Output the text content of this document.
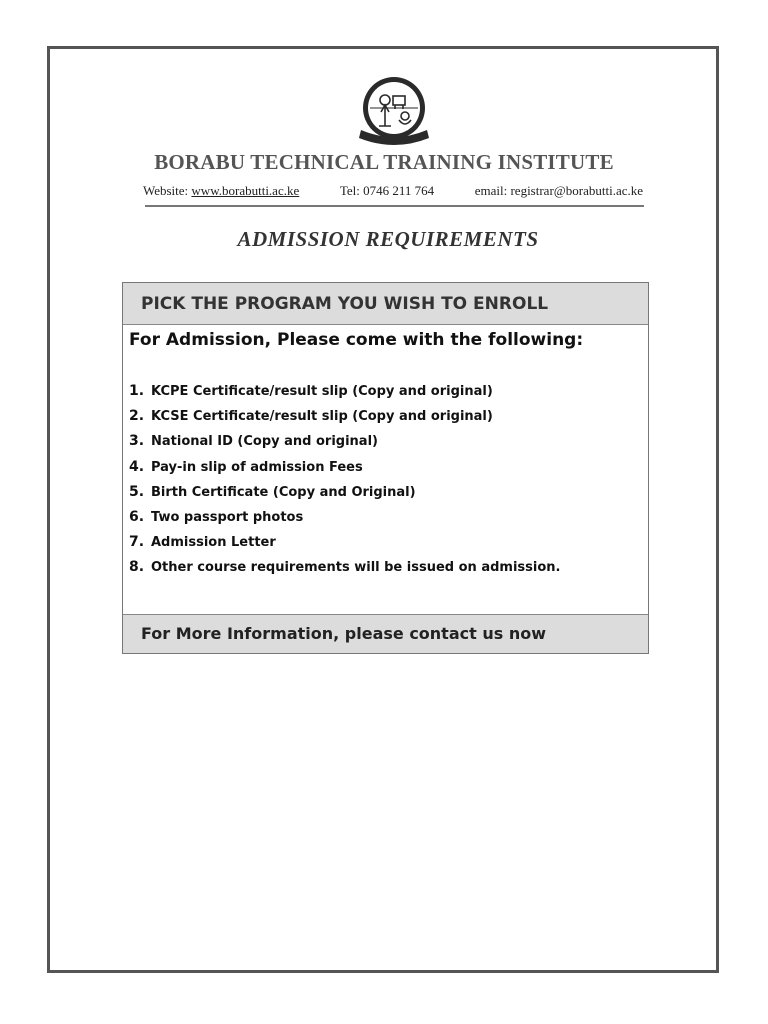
BORABU TECHNICAL TRAINING INSTITUTE
Website: www.borabutti.ac.ke	Tel: 0746 211 764	email: registrar@borabutti.ac.ke
ADMISSION REQUIREMENTS
PICK THE PROGRAM YOU WISH TO ENROLL
For Admission, Please come with the following:
1. KCPE Certificate/result slip (Copy and original)
2. KCSE Certificate/result slip (Copy and original)
3. National ID (Copy and original)
4. Pay-in slip of admission Fees
5. Birth Certificate (Copy and Original)
6. Two passport photos
7. Admission Letter
8. Other course requirements will be issued on admission.
For More Information, please contact us now
